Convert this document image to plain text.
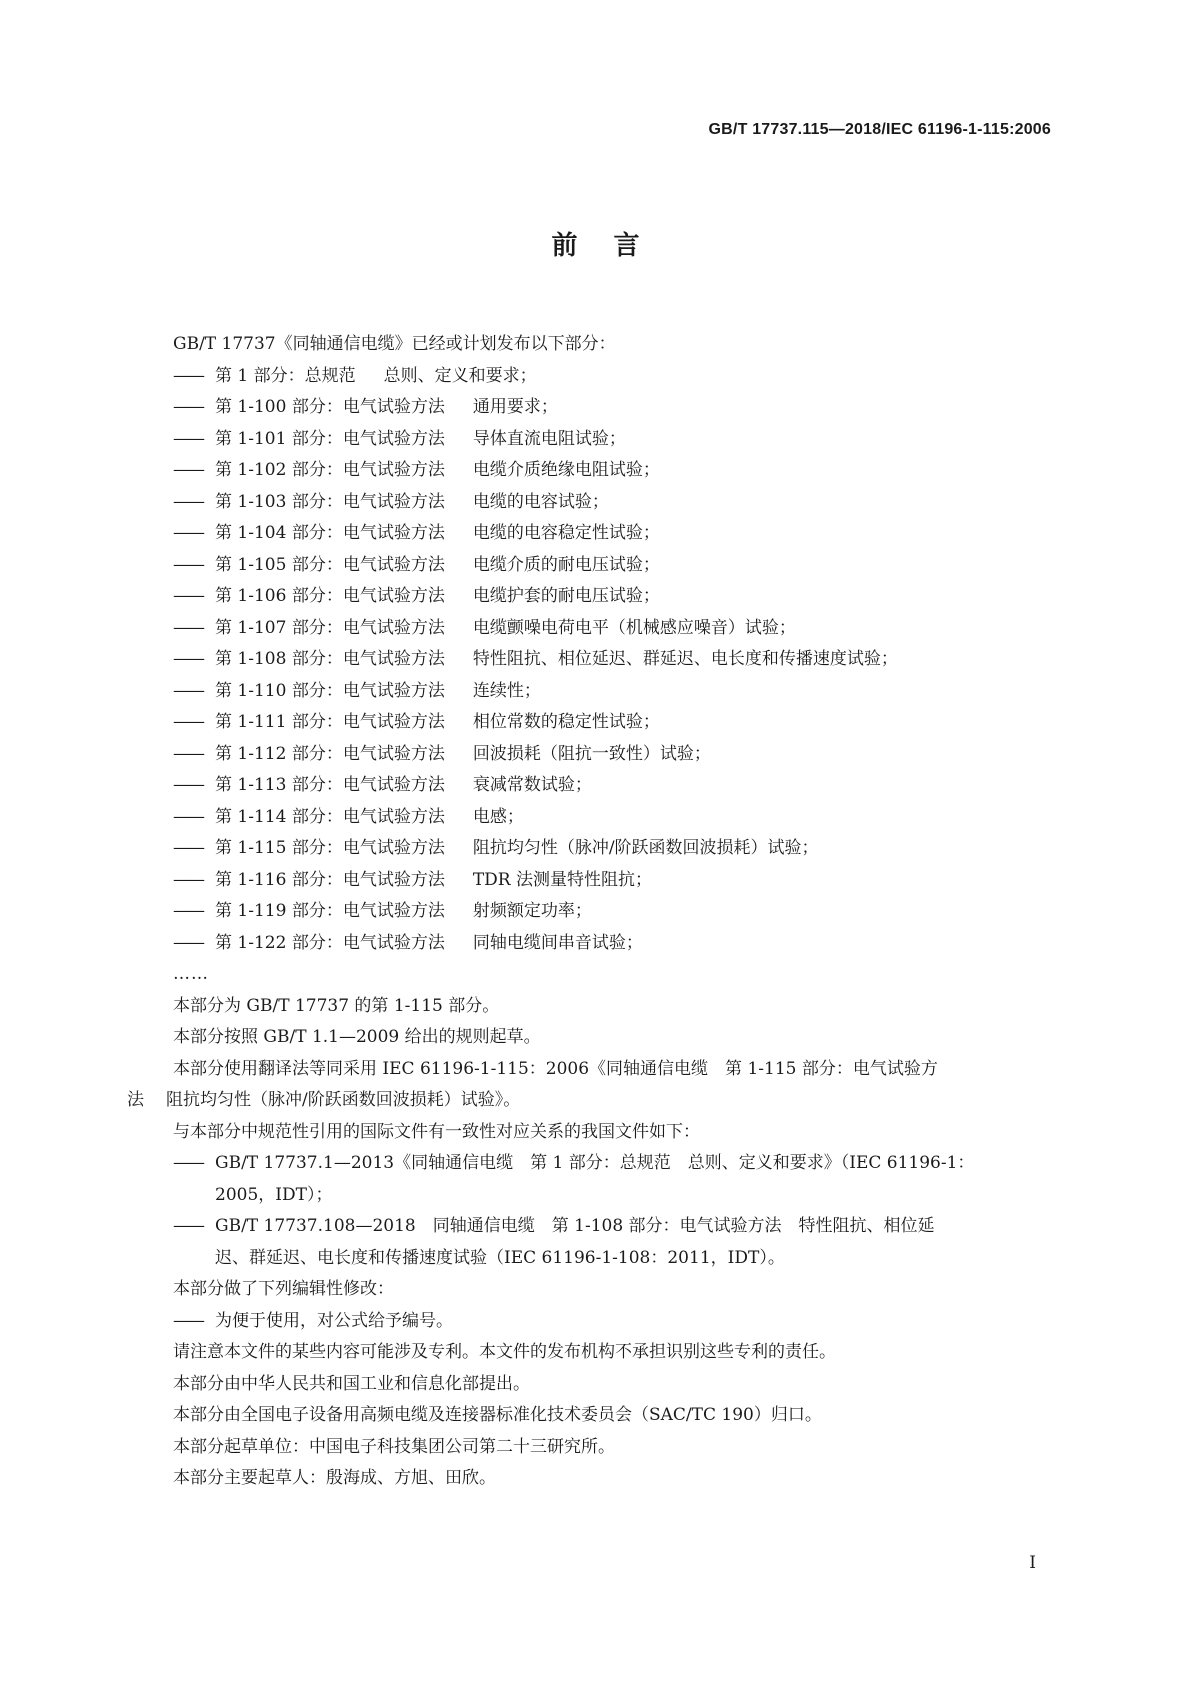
GB/T 17737.115—2018/IEC 61196-1-115:2006
前言
GB/T 17737《同轴通信电缆》已经或计划发布以下部分：
—— 第 1 部分：总规范 总则、定义和要求；
—— 第 1-100 部分：电气试验方法 通用要求；
—— 第 1-101 部分：电气试验方法 导体直流电阻试验；
—— 第 1-102 部分：电气试验方法 电缆介质绝缘电阻试验；
—— 第 1-103 部分：电气试验方法 电缆的电容试验；
—— 第 1-104 部分：电气试验方法 电缆的电容稳定性试验；
—— 第 1-105 部分：电气试验方法 电缆介质的耐电压试验；
—— 第 1-106 部分：电气试验方法 电缆护套的耐电压试验；
—— 第 1-107 部分：电气试验方法 电缆颤噪电荷电平（机械感应噪音）试验；
—— 第 1-108 部分：电气试验方法 特性阻抗、相位延迟、群延迟、电长度和传播速度试验；
—— 第 1-110 部分：电气试验方法 连续性；
—— 第 1-111 部分：电气试验方法 相位常数的稳定性试验；
—— 第 1-112 部分：电气试验方法 回波损耗（阻抗一致性）试验；
—— 第 1-113 部分：电气试验方法 衰减常数试验；
—— 第 1-114 部分：电气试验方法 电感；
—— 第 1-115 部分：电气试验方法 阻抗均匀性（脉冲/阶跃函数回波损耗）试验；
—— 第 1-116 部分：电气试验方法 TDR 法测量特性阻抗；
—— 第 1-119 部分：电气试验方法 射频额定功率；
—— 第 1-122 部分：电气试验方法 同轴电缆间串音试验；
……
本部分为 GB/T 17737 的第 1-115 部分。
本部分按照 GB/T 1.1—2009 给出的规则起草。
本部分使用翻译法等同采用 IEC 61196-1-115：2006《同轴通信电缆　第 1-115 部分：电气试验方
法 阻抗均匀性（脉冲/阶跃函数回波损耗）试验》。
与本部分中规范性引用的国际文件有一致性对应关系的我国文件如下：
—— GB/T 17737.1—2013《同轴通信电缆　第 1 部分：总规范　总则、定义和要求》（IEC 61196-1：
2005，IDT）；
—— GB/T 17737.108—2018　同轴通信电缆　第 1-108 部分：电气试验方法　特性阻抗、相位延
迟、群延迟、电长度和传播速度试验（IEC 61196-1-108：2011，IDT）。
本部分做了下列编辑性修改：
—— 为便于使用，对公式给予编号。
请注意本文件的某些内容可能涉及专利。本文件的发布机构不承担识别这些专利的责任。
本部分由中华人民共和国工业和信息化部提出。
本部分由全国电子设备用高频电缆及连接器标准化技术委员会（SAC/TC 190）归口。
本部分起草单位：中国电子科技集团公司第二十三研究所。
本部分主要起草人：殷海成、方旭、田欣。
I
